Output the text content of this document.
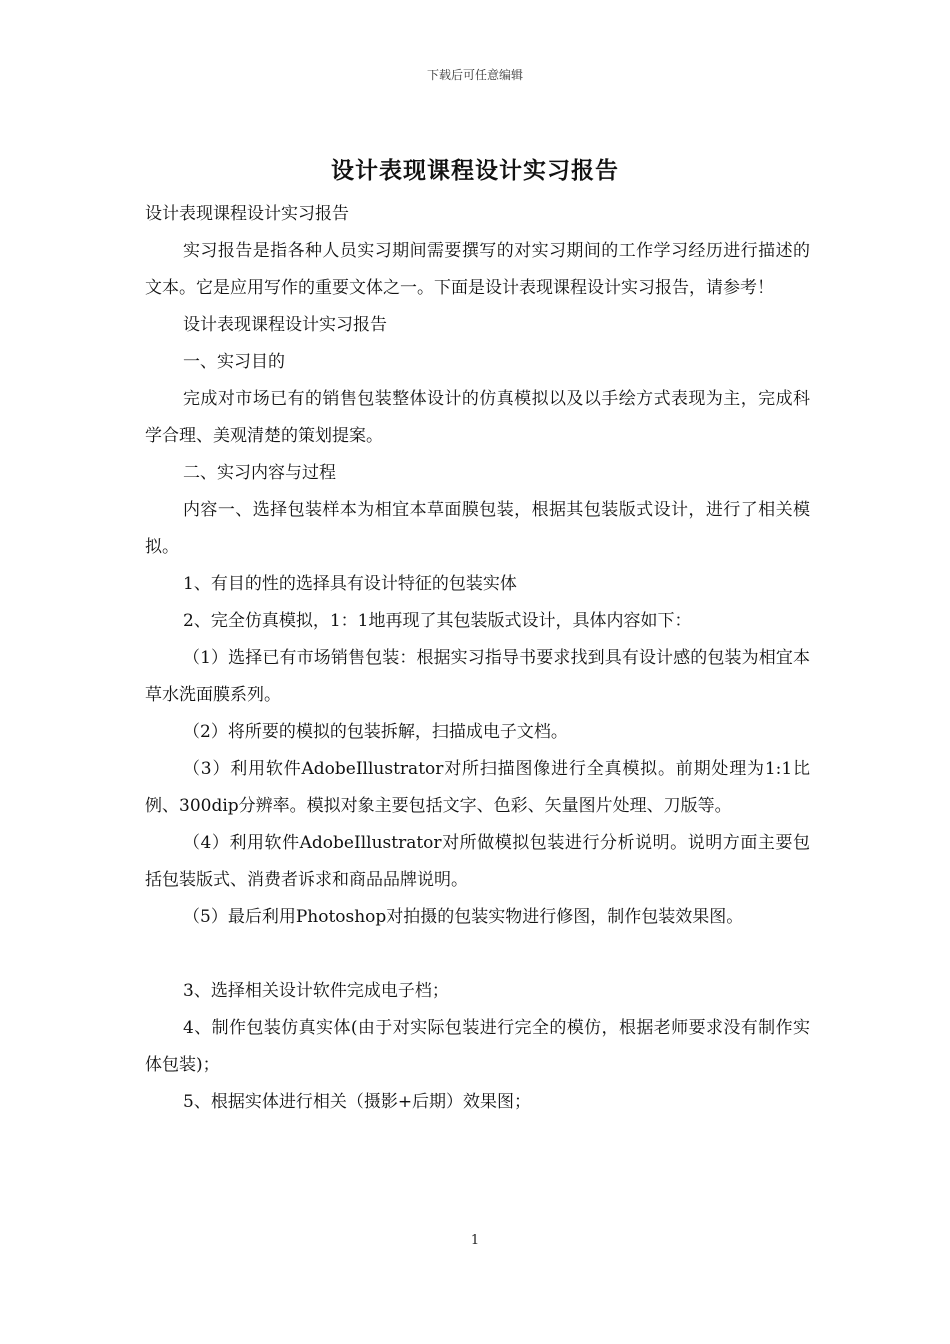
下载后可任意编辑
设计表现课程设计实习报告

设计表现课程设计实习报告

实习报告是指各种人员实习期间需要撰写的对实习期间的工作学习经历进行描述的文本。它是应用写作的重要文体之一。下面是设计表现课程设计实习报告，请参考！

设计表现课程设计实习报告

一、实习目的

完成对市场已有的销售包装整体设计的仿真模拟以及以手绘方式表现为主，完成科学合理、美观清楚的策划提案。

二、实习内容与过程

内容一、选择包装样本为相宜本草面膜包装，根据其包装版式设计，进行了相关模拟。

1、有目的性的选择具有设计特征的包装实体

2、完全仿真模拟，1：1地再现了其包装版式设计，具体内容如下：

（1）选择已有市场销售包装：根据实习指导书要求找到具有设计感的包装为相宜本草水洗面膜系列。

（2）将所要的模拟的包装拆解，扫描成电子文档。

（3）利用软件AdobeIllustrator对所扫描图像进行全真模拟。前期处理为1:1比例、300dip分辨率。模拟对象主要包括文字、色彩、矢量图片处理、刀版等。

（4）利用软件AdobeIllustrator对所做模拟包装进行分析说明。说明方面主要包括包装版式、消费者诉求和商品品牌说明。

（5）最后利用Photoshop对拍摄的包装实物进行修图，制作包装效果图。

3、选择相关设计软件完成电子档；

4、制作包装仿真实体(由于对实际包装进行完全的模仿，根据老师要求没有制作实体包装)；

5、根据实体进行相关（摄影+后期）效果图；

1
